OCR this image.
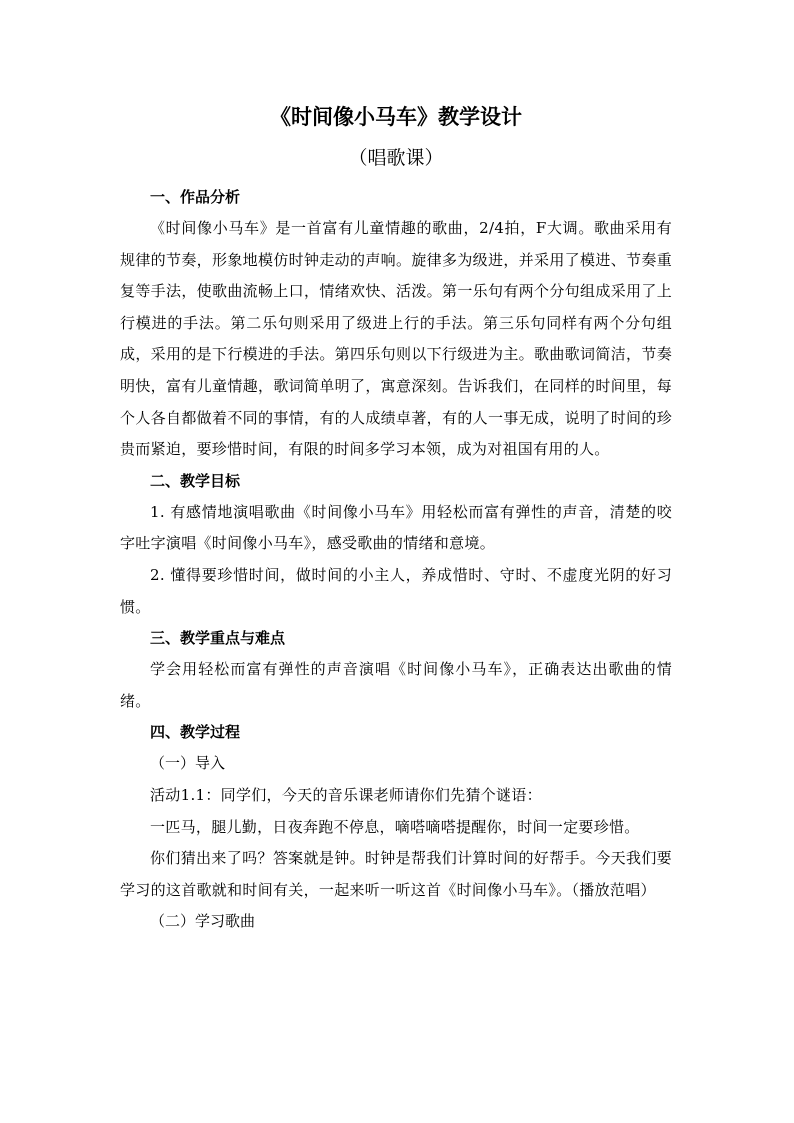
《时间像小马车》教学设计

（唱歌课）

一、作品分析

《时间像小马车》是一首富有儿童情趣的歌曲，2/4拍，F大调。歌曲采用有规律的节奏，形象地模仿时钟走动的声响。旋律多为级进，并采用了模进、节奏重复等手法，使歌曲流畅上口，情绪欢快、活泼。第一乐句有两个分句组成采用了上行模进的手法。第二乐句则采用了级进上行的手法。第三乐句同样有两个分句组成，采用的是下行模进的手法。第四乐句则以下行级进为主。歌曲歌词简洁，节奏明快，富有儿童情趣，歌词简单明了，寓意深刻。告诉我们，在同样的时间里，每个人各自都做着不同的事情，有的人成绩卓著，有的人一事无成，说明了时间的珍贵而紧迫，要珍惜时间，有限的时间多学习本领，成为对祖国有用的人。

二、教学目标

1. 有感情地演唱歌曲《时间像小马车》用轻松而富有弹性的声音，清楚的咬字吐字演唱《时间像小马车》，感受歌曲的情绪和意境。

2. 懂得要珍惜时间，做时间的小主人，养成惜时、守时、不虚度光阴的好习惯。

三、教学重点与难点

学会用轻松而富有弹性的声音演唱《时间像小马车》，正确表达出歌曲的情绪。

四、教学过程

（一）导入

活动1.1：同学们，今天的音乐课老师请你们先猜个谜语：

一匹马，腿儿勤，日夜奔跑不停息，嘀嗒嘀嗒提醒你，时间一定要珍惜。

你们猜出来了吗？答案就是钟。时钟是帮我们计算时间的好帮手。今天我们要学习的这首歌就和时间有关，一起来听一听这首《时间像小马车》。（播放范唱）

（二）学习歌曲
